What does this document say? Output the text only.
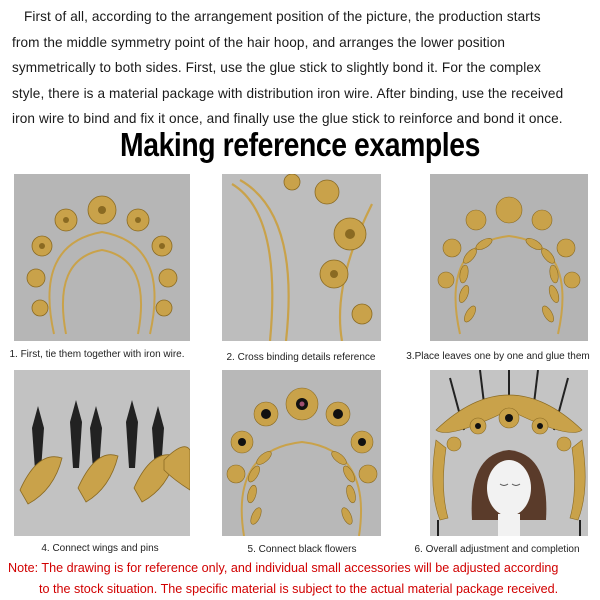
First of all, according to the arrangement position of the picture, the production starts
from the middle symmetry point of the hair hoop, and arranges the lower position
symmetrically to both sides. First, use the glue stick to slightly bond it. For the complex
style, there is a material package with distribution iron wire. After binding, use the received
iron wire to bind and fix it once, and finally use the glue stick to reinforce and bond it once.
Making reference examples
1. First, tie them together with iron wire.	2. Cross binding details reference	3.Place leaves one by one and glue them
4. Connect wings and pins	5. Connect black flowers	6. Overall adjustment and completion
Note: The drawing is for reference only, and individual small accessories will be adjusted according
to the stock situation. The specific material is subject to the actual material package received.
